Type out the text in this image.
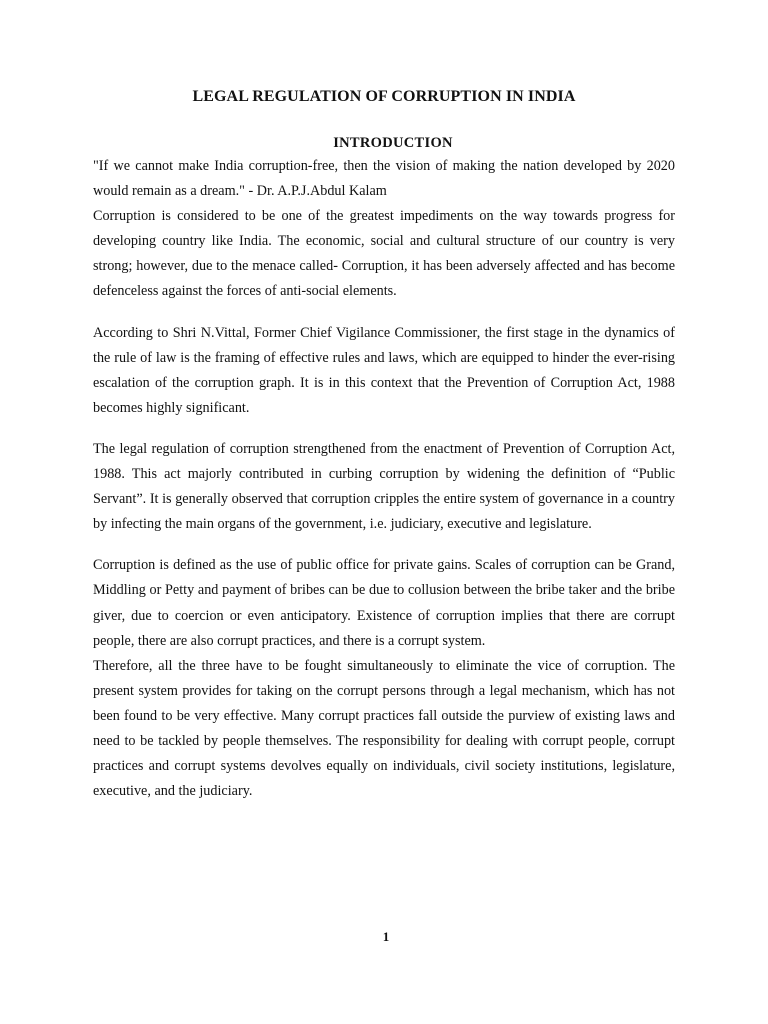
LEGAL REGULATION OF CORRUPTION IN INDIA
INTRODUCTION

"If we cannot make India corruption-free, then the vision of making the nation developed by 2020 would remain as a dream." - Dr. A.P.J.Abdul Kalam

Corruption is considered to be one of the greatest impediments on the way towards progress for developing country like India. The economic, social and cultural structure of our country is very strong; however, due to the menace called- Corruption, it has been adversely affected and has become defenceless against the forces of anti-social elements.

According to Shri N.Vittal, Former Chief Vigilance Commissioner, the first stage in the dynamics of the rule of law is the framing of effective rules and laws, which are equipped to hinder the ever-rising escalation of the corruption graph. It is in this context that the Prevention of Corruption Act, 1988 becomes highly significant.

The legal regulation of corruption strengthened from the enactment of Prevention of Corruption Act, 1988. This act majorly contributed in curbing corruption by widening the definition of “Public Servant”. It is generally observed that corruption cripples the entire system of governance in a country by infecting the main organs of the government, i.e. judiciary, executive and legislature.

Corruption is defined as the use of public office for private gains. Scales of corruption can be Grand, Middling or Petty and payment of bribes can be due to collusion between the bribe taker and the bribe giver, due to coercion or even anticipatory. Existence of corruption implies that there are corrupt people, there are also corrupt practices, and there is a corrupt system.

Therefore, all the three have to be fought simultaneously to eliminate the vice of corruption. The present system provides for taking on the corrupt persons through a legal mechanism, which has not been found to be very effective. Many corrupt practices fall outside the purview of existing laws and need to be tackled by people themselves. The responsibility for dealing with corrupt people, corrupt practices and corrupt systems devolves equally on individuals, civil society institutions, legislature, executive, and the judiciary.

1
